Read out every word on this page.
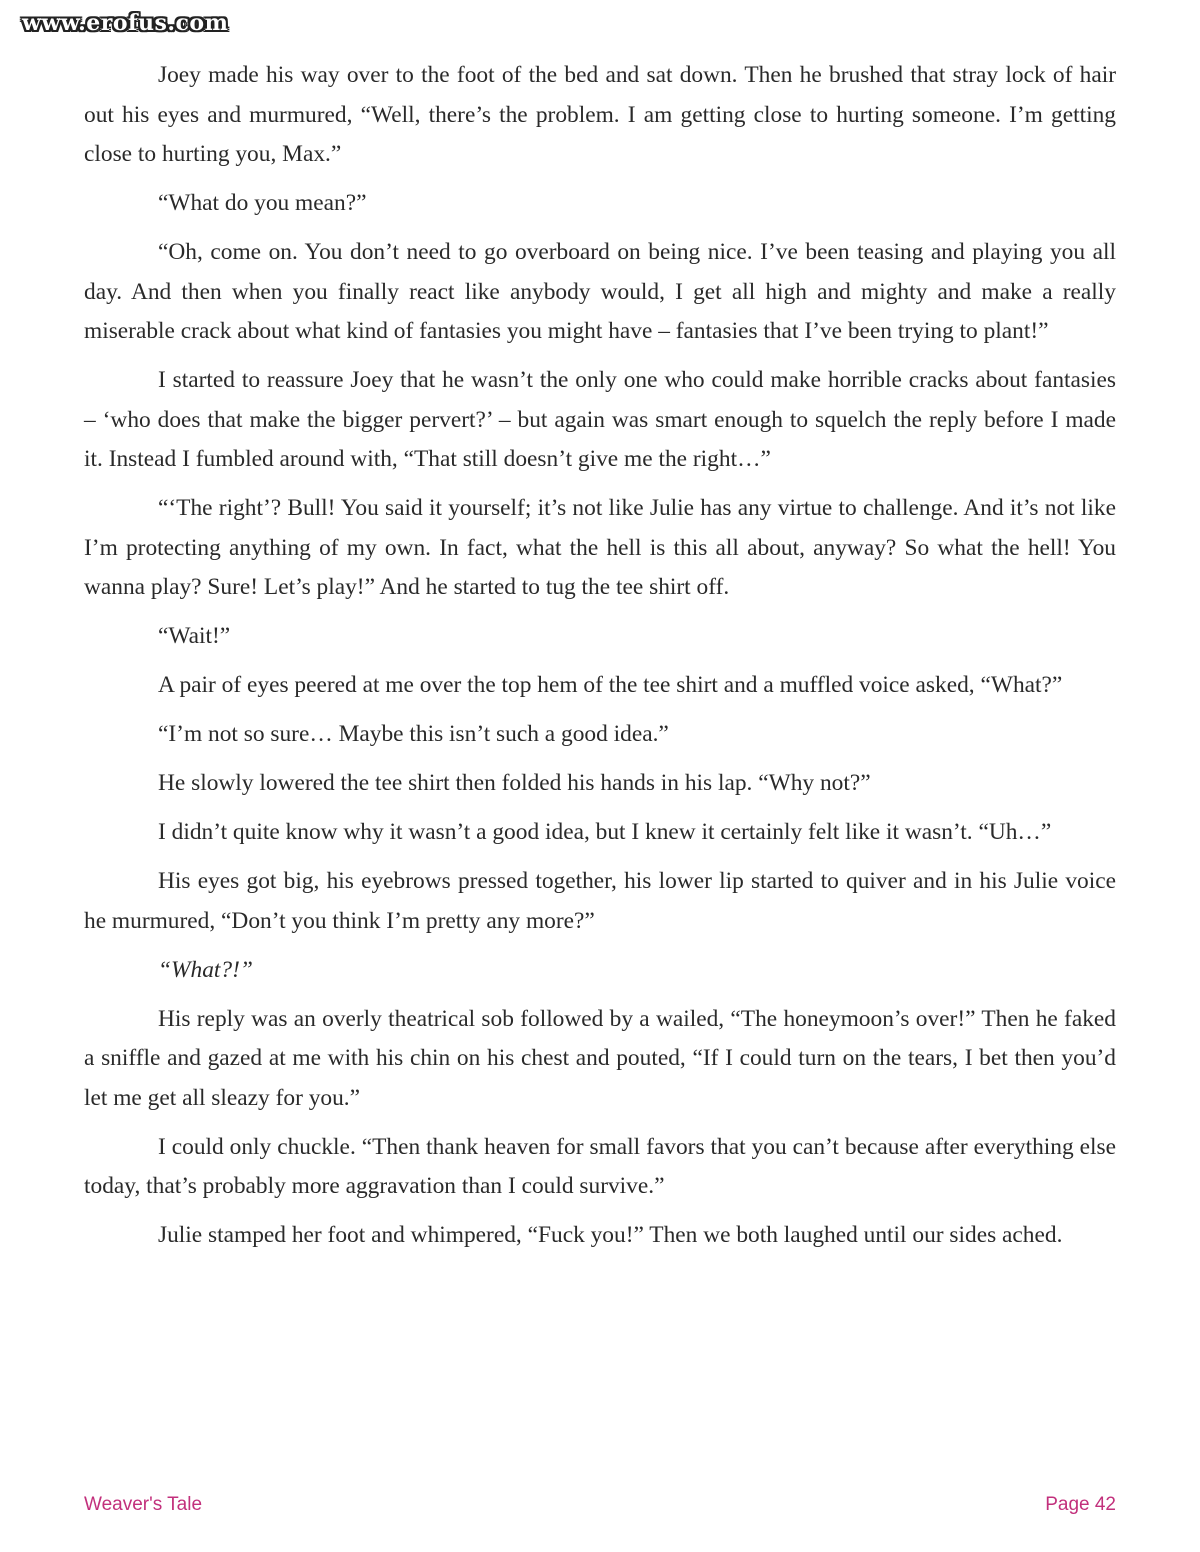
www.erofus.com

Joey made his way over to the foot of the bed and sat down. Then he brushed that stray lock of hair out his eyes and murmured, “Well, there’s the problem. I am getting close to hurting someone. I’m getting close to hurting you, Max.”

“What do you mean?”

“Oh, come on. You don’t need to go overboard on being nice. I’ve been teasing and playing you all day. And then when you finally react like anybody would, I get all high and mighty and make a really miserable crack about what kind of fantasies you might have – fantasies that I’ve been trying to plant!”

I started to reassure Joey that he wasn’t the only one who could make horrible cracks about fantasies – ‘who does that make the bigger pervert?’ – but again was smart enough to squelch the reply before I made it. Instead I fumbled around with, “That still doesn’t give me the right…”

“‘The right’? Bull! You said it yourself; it’s not like Julie has any virtue to challenge. And it’s not like I’m protecting anything of my own. In fact, what the hell is this all about, anyway? So what the hell! You wanna play? Sure! Let’s play!” And he started to tug the tee shirt off.

“Wait!”

A pair of eyes peered at me over the top hem of the tee shirt and a muffled voice asked, “What?”

“I’m not so sure… Maybe this isn’t such a good idea.”

He slowly lowered the tee shirt then folded his hands in his lap. “Why not?”

I didn’t quite know why it wasn’t a good idea, but I knew it certainly felt like it wasn’t. “Uh…”

His eyes got big, his eyebrows pressed together, his lower lip started to quiver and in his Julie voice he murmured, “Don’t you think I’m pretty any more?”

“What?!”

His reply was an overly theatrical sob followed by a wailed, “The honeymoon’s over!” Then he faked a sniffle and gazed at me with his chin on his chest and pouted, “If I could turn on the tears, I bet then you’d let me get all sleazy for you.”

I could only chuckle. “Then thank heaven for small favors that you can’t because after everything else today, that’s probably more aggravation than I could survive.”

Julie stamped her foot and whimpered, “Fuck you!” Then we both laughed until our sides ached.

Weaver's Tale	Page 42
